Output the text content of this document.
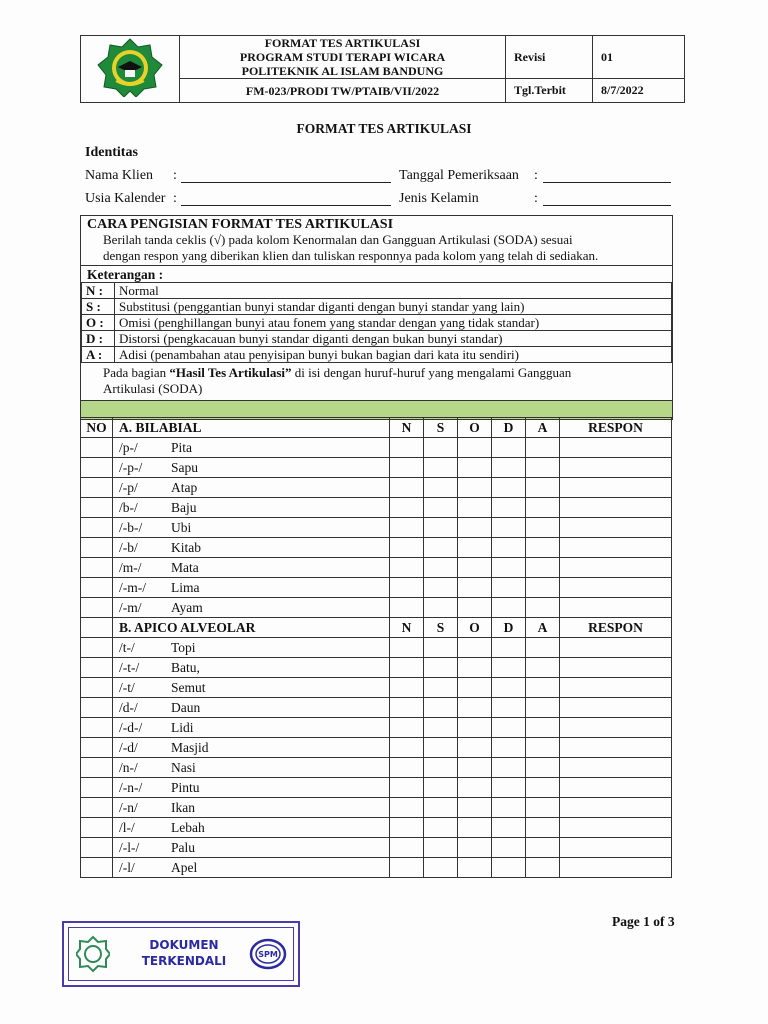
FORMAT TES ARTIKULASI
PROGRAM STUDI TERAPI WICARA
POLITEKNIK AL ISLAM BANDUNG	Revisi	01
	FM-023/PRODI TW/PTAIB/VII/2022	Tgl.Terbit	8/7/2022
FORMAT TES ARTIKULASI
Identitas
Nama Klien :	Tanggal Pemeriksaan :
Usia Kalender :	Jenis Kelamin	:
CARA PENGISIAN FORMAT TES ARTIKULASI
Berilah tanda ceklis (√) pada kolom Kenormalan dan Gangguan Artikulasi (SODA) sesuai
dengan respon yang diberikan klien dan tuliskan responnya pada kolom yang telah di sediakan.
Keterangan :
N :	Normal
S :	Substitusi (penggantian bunyi standar diganti dengan bunyi standar yang lain)
O :	Omisi (penghillangan bunyi atau fonem yang standar dengan yang tidak standar)
D :	Distorsi (pengkacauan bunyi standar diganti dengan bukan bunyi standar)
A :	Adisi (penambahan atau penyisipan bunyi bukan bagian dari kata itu sendiri)
Pada bagian “Hasil Tes Artikulasi” di isi dengan huruf-huruf yang mengalami Gangguan
Artikulasi (SODA)
NO	A. BILABIAL	N	S	O	D	A	RESPON
	/p-/ Pita						
	/-p-/ Sapu						
	/-p/ Atap						
	/b-/ Baju						
	/-b-/ Ubi						
	/-b/ Kitab						
	/m-/ Mata						
	/-m-/ Lima						
	/-m/ Ayam						
	B. APICO ALVEOLAR	N	S	O	D	A	RESPON
	/t-/ Topi						
	/-t-/ Batu,						
	/-t/ Semut						
	/d-/ Daun						
	/-d-/ Lidi						
	/-d/ Masjid						
	/n-/ Nasi						
	/-n-/ Pintu						
	/-n/ Ikan						
	/l-/ Lebah						
	/-l-/ Palu						
	/-l/ Apel						
Page 1 of 3
DOKUMEN
TERKENDALI	SPM
